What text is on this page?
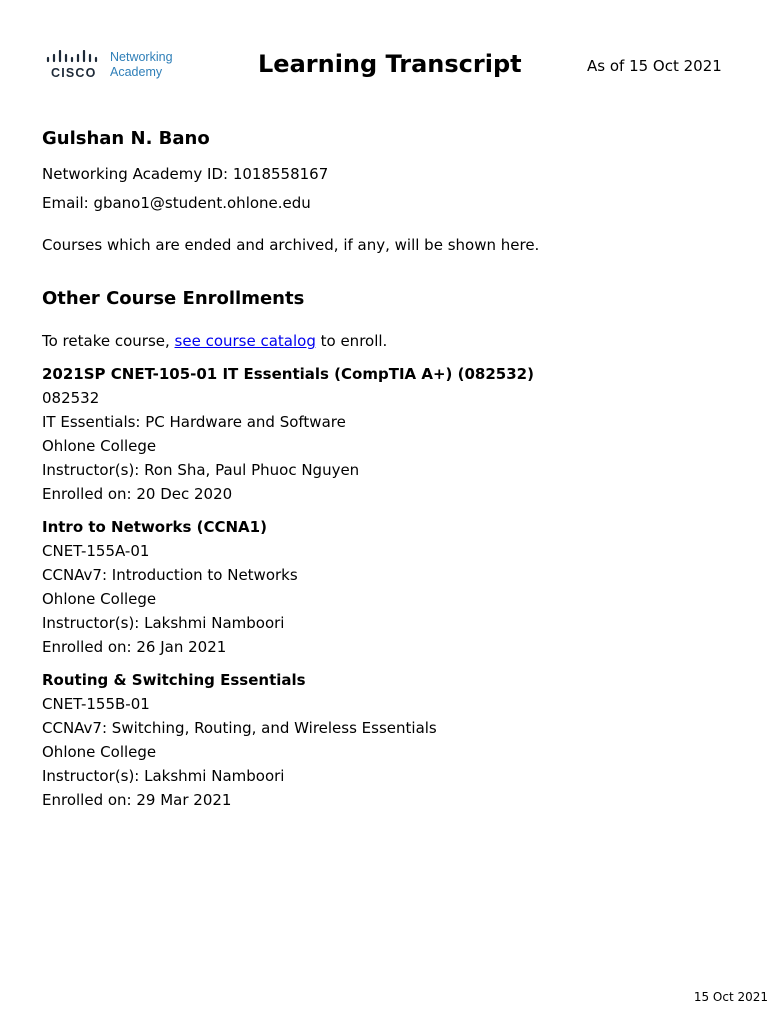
CISCO
Networking
Academy	Learning Transcript	As of 15 Oct 2021
Gulshan N. Bano
Networking Academy ID: 1018558167
Email: gbano1@student.ohlone.edu
Courses which are ended and archived, if any, will be shown here.
Other Course Enrollments
To retake course, see course catalog to enroll.
2021SP CNET-105-01 IT Essentials (CompTIA A+) (082532)
082532
IT Essentials: PC Hardware and Software
Ohlone College
Instructor(s): Ron Sha, Paul Phuoc Nguyen
Enrolled on: 20 Dec 2020
Intro to Networks (CCNA1)
CNET-155A-01
CCNAv7: Introduction to Networks
Ohlone College
Instructor(s): Lakshmi Namboori
Enrolled on: 26 Jan 2021
Routing & Switching Essentials
CNET-155B-01
CCNAv7: Switching, Routing, and Wireless Essentials
Ohlone College
Instructor(s): Lakshmi Namboori
Enrolled on: 29 Mar 2021
15 Oct 2021
